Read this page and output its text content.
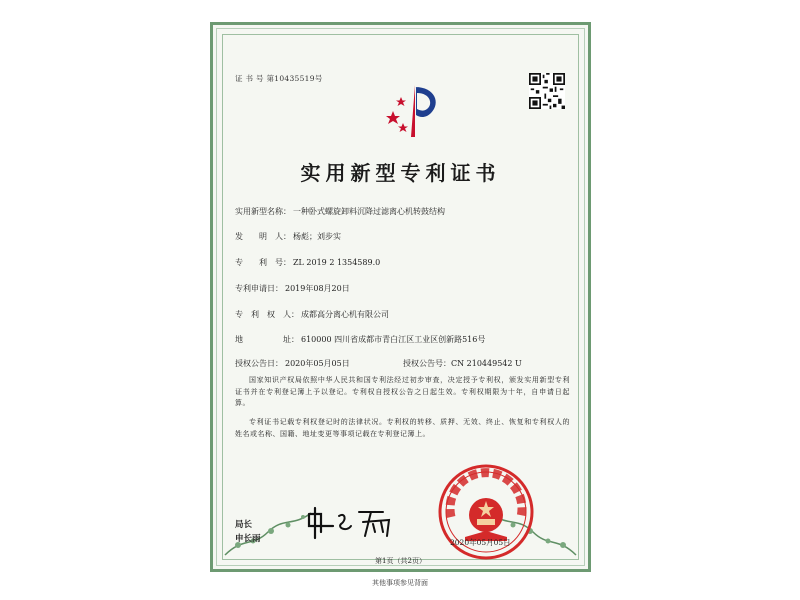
证 书 号 第10435519号
实用新型专利证书
实用新型名称： 一种卧式螺旋卸料沉降过滤离心机转鼓结构
发　　明　人： 杨彪；刘步实
专　　利　号： ZL 2019 2 1354589.0
专利申请日： 2019年08月20日
专　利　权　人： 成都高分离心机有限公司
地　　　　　址： 610000 四川省成都市青白江区工业区创新路516号
授权公告日： 2020年05月05日	授权公告号：CN 210449542 U
国家知识产权局依照中华人民共和国专利法经过初步审查，决定授予专利权，颁发实用新型专利证书并在专利登记簿上予以登记。专利权自授权公告之日起生效。专利权期限为十年，自申请日起算。
专利证书记载专利权登记时的法律状况。专利权的转移、质押、无效、终止、恢复和专利权人的姓名或名称、国籍、地址变更等事项记载在专利登记簿上。
局长
申长雨	2020年05月05日
第1页（共2页）
其他事项参见背面
